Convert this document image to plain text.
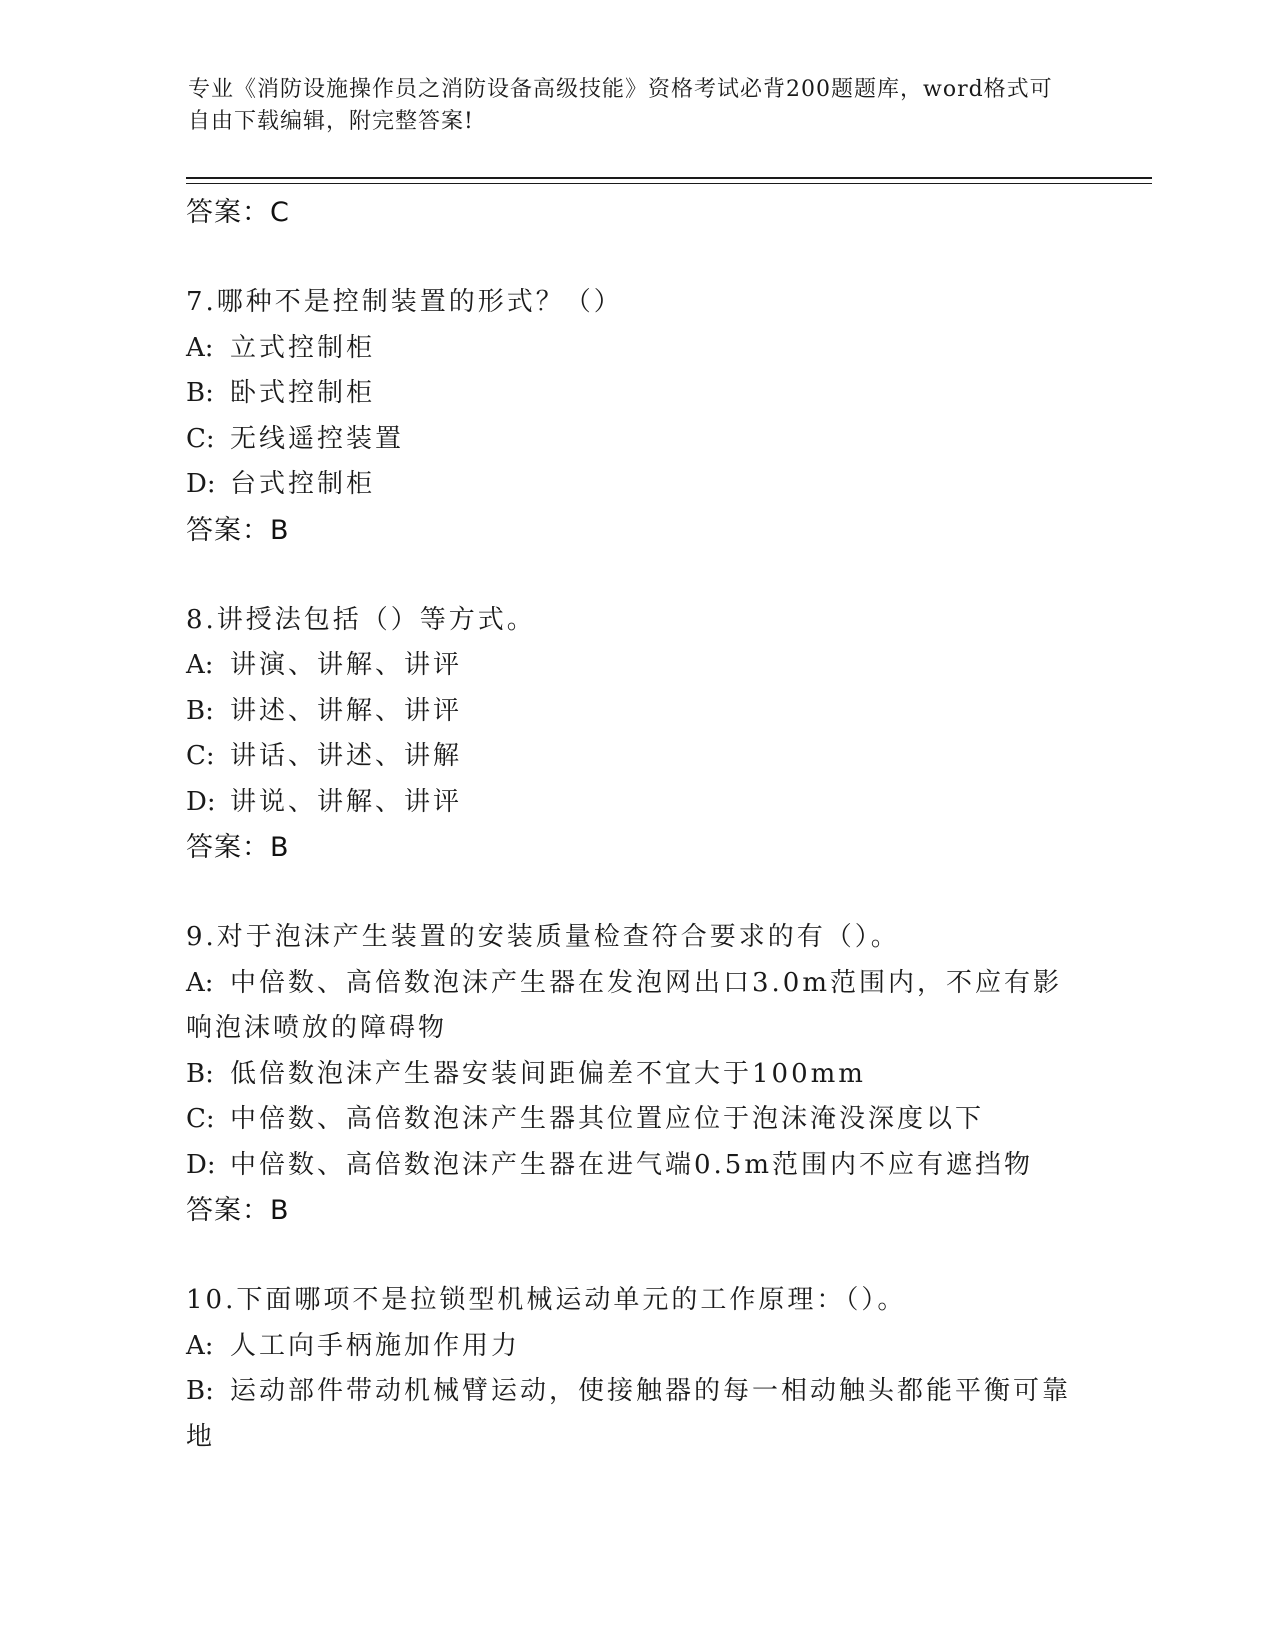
专业《消防设施操作员之消防设备高级技能》资格考试必背200题题库，word格式可自由下载编辑，附完整答案!
答案：C
7.哪种不是控制装置的形式？（）
A: 立式控制柜
B: 卧式控制柜
C: 无线遥控装置
D: 台式控制柜
答案：B
8.讲授法包括（）等方式。
A: 讲演、讲解、讲评
B: 讲述、讲解、讲评
C: 讲话、讲述、讲解
D: 讲说、讲解、讲评
答案：B
9.对于泡沫产生装置的安装质量检查符合要求的有（）。
A: 中倍数、高倍数泡沫产生器在发泡网出口3.0m范围内，不应有影
响泡沫喷放的障碍物
B: 低倍数泡沫产生器安装间距偏差不宜大于100mm
C: 中倍数、高倍数泡沫产生器其位置应位于泡沫淹没深度以下
D: 中倍数、高倍数泡沫产生器在进气端0.5m范围内不应有遮挡物
答案：B
10.下面哪项不是拉锁型机械运动单元的工作原理：（）。
A: 人工向手柄施加作用力
B: 运动部件带动机械臂运动，使接触器的每一相动触头都能平衡可靠
地
